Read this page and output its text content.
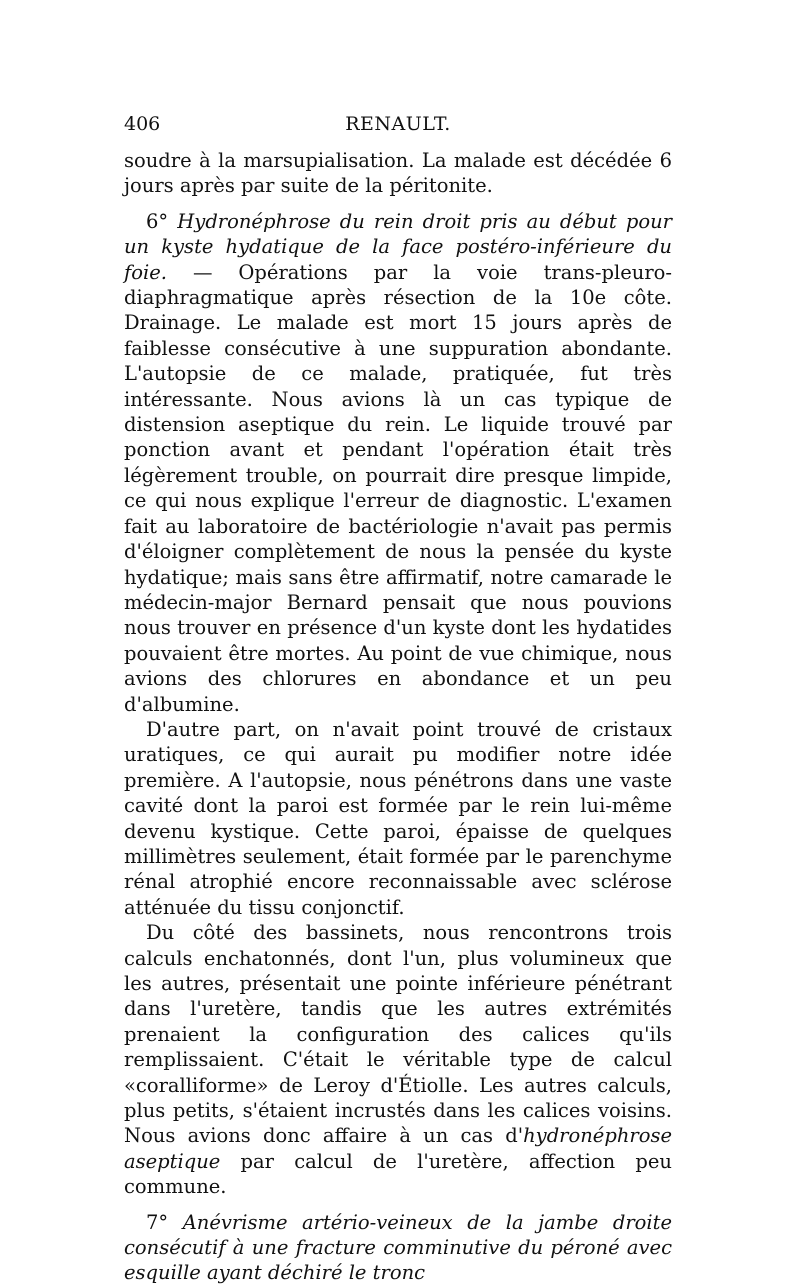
406	RENAULT.

soudre à la marsupialisation. La malade est décédée 6 jours après par suite de la péritonite.

6° Hydronéphrose du rein droit pris au début pour un kyste hydatique de la face postéro-inférieure du foie. — Opérations par la voie trans-pleuro-diaphragmatique après résection de la 10e côte. Drainage. Le malade est mort 15 jours après de faiblesse consécutive à une suppuration abondante. L'autopsie de ce malade, pratiquée, fut très intéressante. Nous avions là un cas typique de distension aseptique du rein. Le liquide trouvé par ponction avant et pendant l'opération était très légèrement trouble, on pourrait dire presque limpide, ce qui nous explique l'erreur de diagnostic. L'examen fait au laboratoire de bactériologie n'avait pas permis d'éloigner complètement de nous la pensée du kyste hydatique; mais sans être affirmatif, notre camarade le médecin-major Bernard pensait que nous pouvions nous trouver en présence d'un kyste dont les hydatides pouvaient être mortes. Au point de vue chimique, nous avions des chlorures en abondance et un peu d'albumine.

D'autre part, on n'avait point trouvé de cristaux uratiques, ce qui aurait pu modifier notre idée première. A l'autopsie, nous pénétrons dans une vaste cavité dont la paroi est formée par le rein lui-même devenu kystique. Cette paroi, épaisse de quelques millimètres seulement, était formée par le parenchyme rénal atrophié encore reconnaissable avec sclérose atténuée du tissu conjonctif.

Du côté des bassinets, nous rencontrons trois calculs enchatonnés, dont l'un, plus volumineux que les autres, présentait une pointe inférieure pénétrant dans l'uretère, tandis que les autres extrémités prenaient la configuration des calices qu'ils remplissaient. C'était le véritable type de calcul «coralliforme» de Leroy d'Étiolle. Les autres calculs, plus petits, s'étaient incrustés dans les calices voisins. Nous avions donc affaire à un cas d'hydronéphrose aseptique par calcul de l'uretère, affection peu commune.

7° Anévrisme artério-veineux de la jambe droite consécutif à une fracture comminutive du péroné avec esquille ayant déchiré le tronc
